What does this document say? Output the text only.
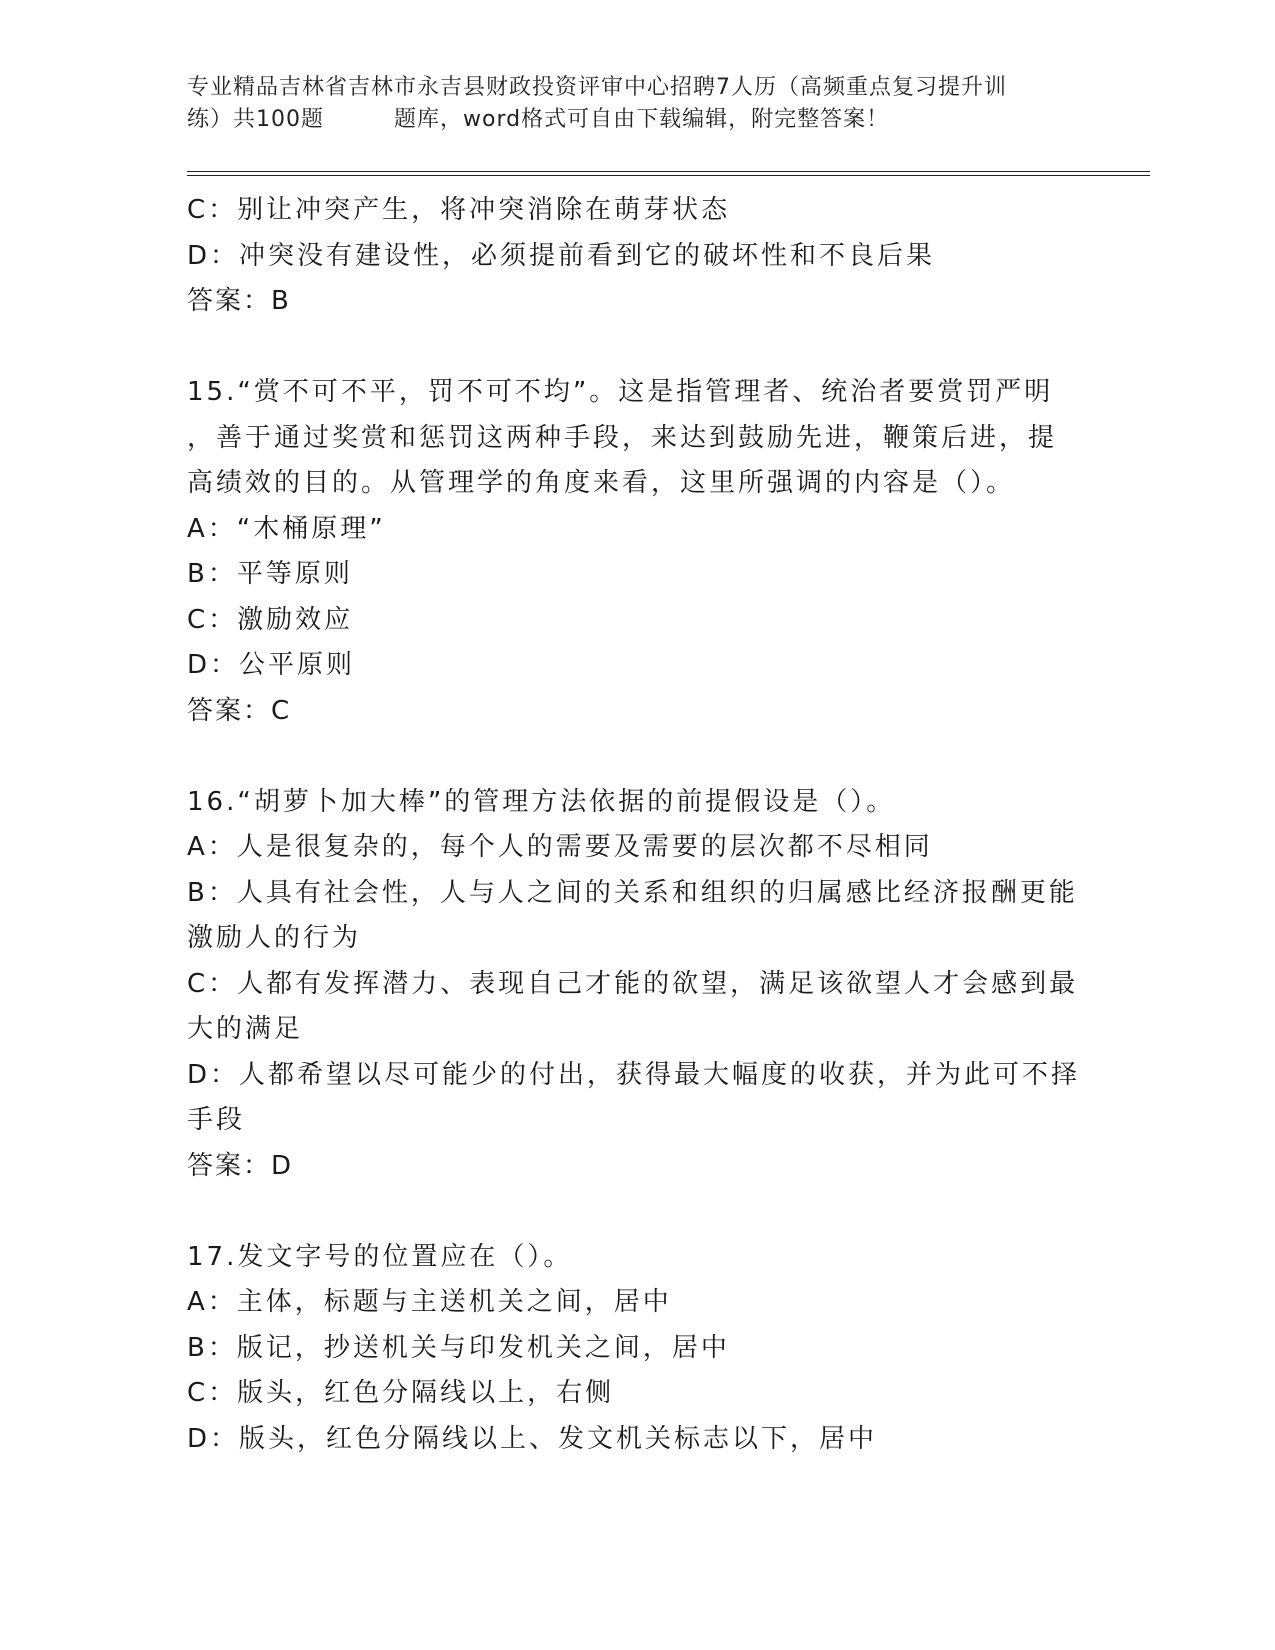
专业精品吉林省吉林市永吉县财政投资评审中心招聘7人历（高频重点复习提升训
练）共100题	题库，word格式可自由下载编辑，附完整答案！
C：别让冲突产生，将冲突消除在萌芽状态
D：冲突没有建设性，必须提前看到它的破坏性和不良后果
答案：B
15.“赏不可不平，罚不可不均”。这是指管理者、统治者要赏罚严明
，善于通过奖赏和惩罚这两种手段，来达到鼓励先进，鞭策后进，提
高绩效的目的。从管理学的角度来看，这里所强调的内容是（）。
A：“木桶原理”
B：平等原则
C：激励效应
D：公平原则
答案：C
16.“胡萝卜加大棒”的管理方法依据的前提假设是（）。
A：人是很复杂的，每个人的需要及需要的层次都不尽相同
B：人具有社会性，人与人之间的关系和组织的归属感比经济报酬更能
激励人的行为
C：人都有发挥潜力、表现自己才能的欲望，满足该欲望人才会感到最
大的满足
D：人都希望以尽可能少的付出，获得最大幅度的收获，并为此可不择
手段
答案：D
17.发文字号的位置应在（）。
A：主体，标题与主送机关之间，居中
B：版记，抄送机关与印发机关之间，居中
C：版头，红色分隔线以上，右侧
D：版头，红色分隔线以上、发文机关标志以下，居中
